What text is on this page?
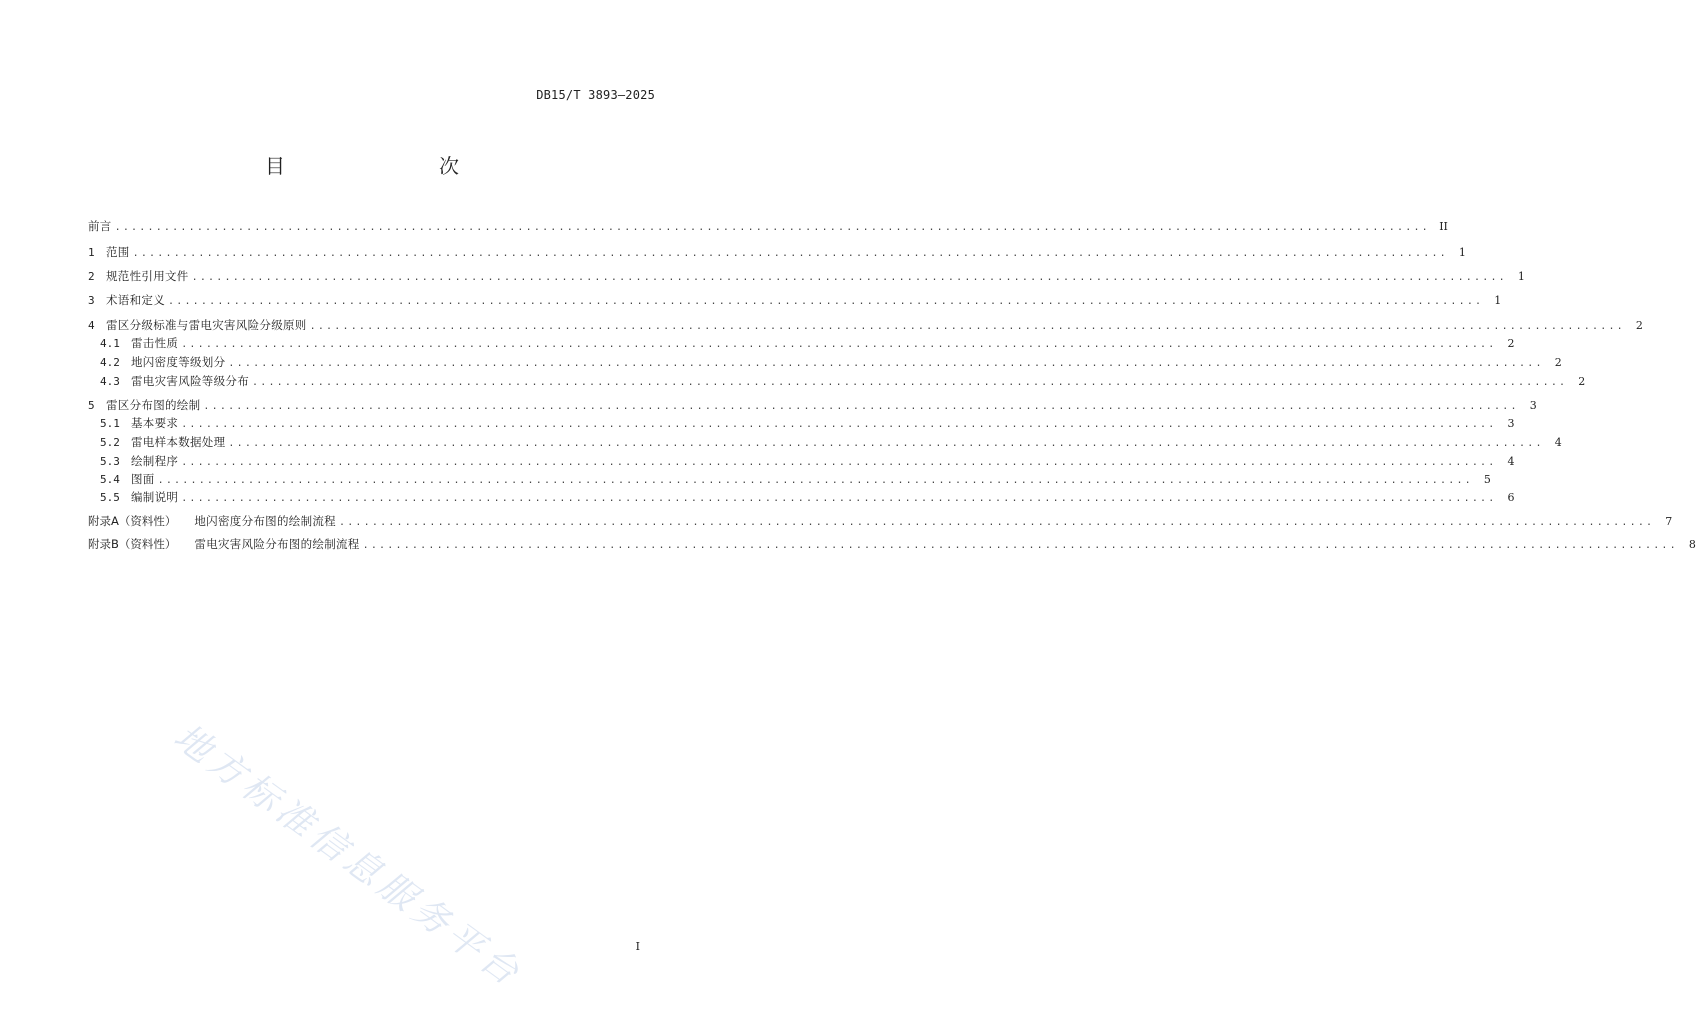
DB15/T 3893—2025
目　　次
前言 ................................................................................................................................................................ II
1 范围 ................................................................................................................................................................	1
2 规范性引用文件 ................................................................................................................................................................	1
3 术语和定义 ................................................................................................................................................................	1
4 雷区分级标准与雷电灾害风险分级原则 ................................................................................................................................................................	2
4.1 雷击性质 ................................................................................................................................................................	2
4.2 地闪密度等级划分 ................................................................................................................................................................	2
4.3 雷电灾害风险等级分布 ................................................................................................................................................................	2
5 雷区分布图的绘制 ................................................................................................................................................................	3
5.1 基本要求 ................................................................................................................................................................	3
5.2 雷电样本数据处理 ................................................................................................................................................................	4
5.3 绘制程序 ................................................................................................................................................................	4
5.4 图面 ................................................................................................................................................................	5
5.5 编制说明 ................................................................................................................................................................	6
附录A（资料性） 地闪密度分布图的绘制流程 ................................................................................................................................................................	7
附录B（资料性） 雷电灾害风险分布图的绘制流程 ................................................................................................................................................................	8
地方标准信息服务平台	I
